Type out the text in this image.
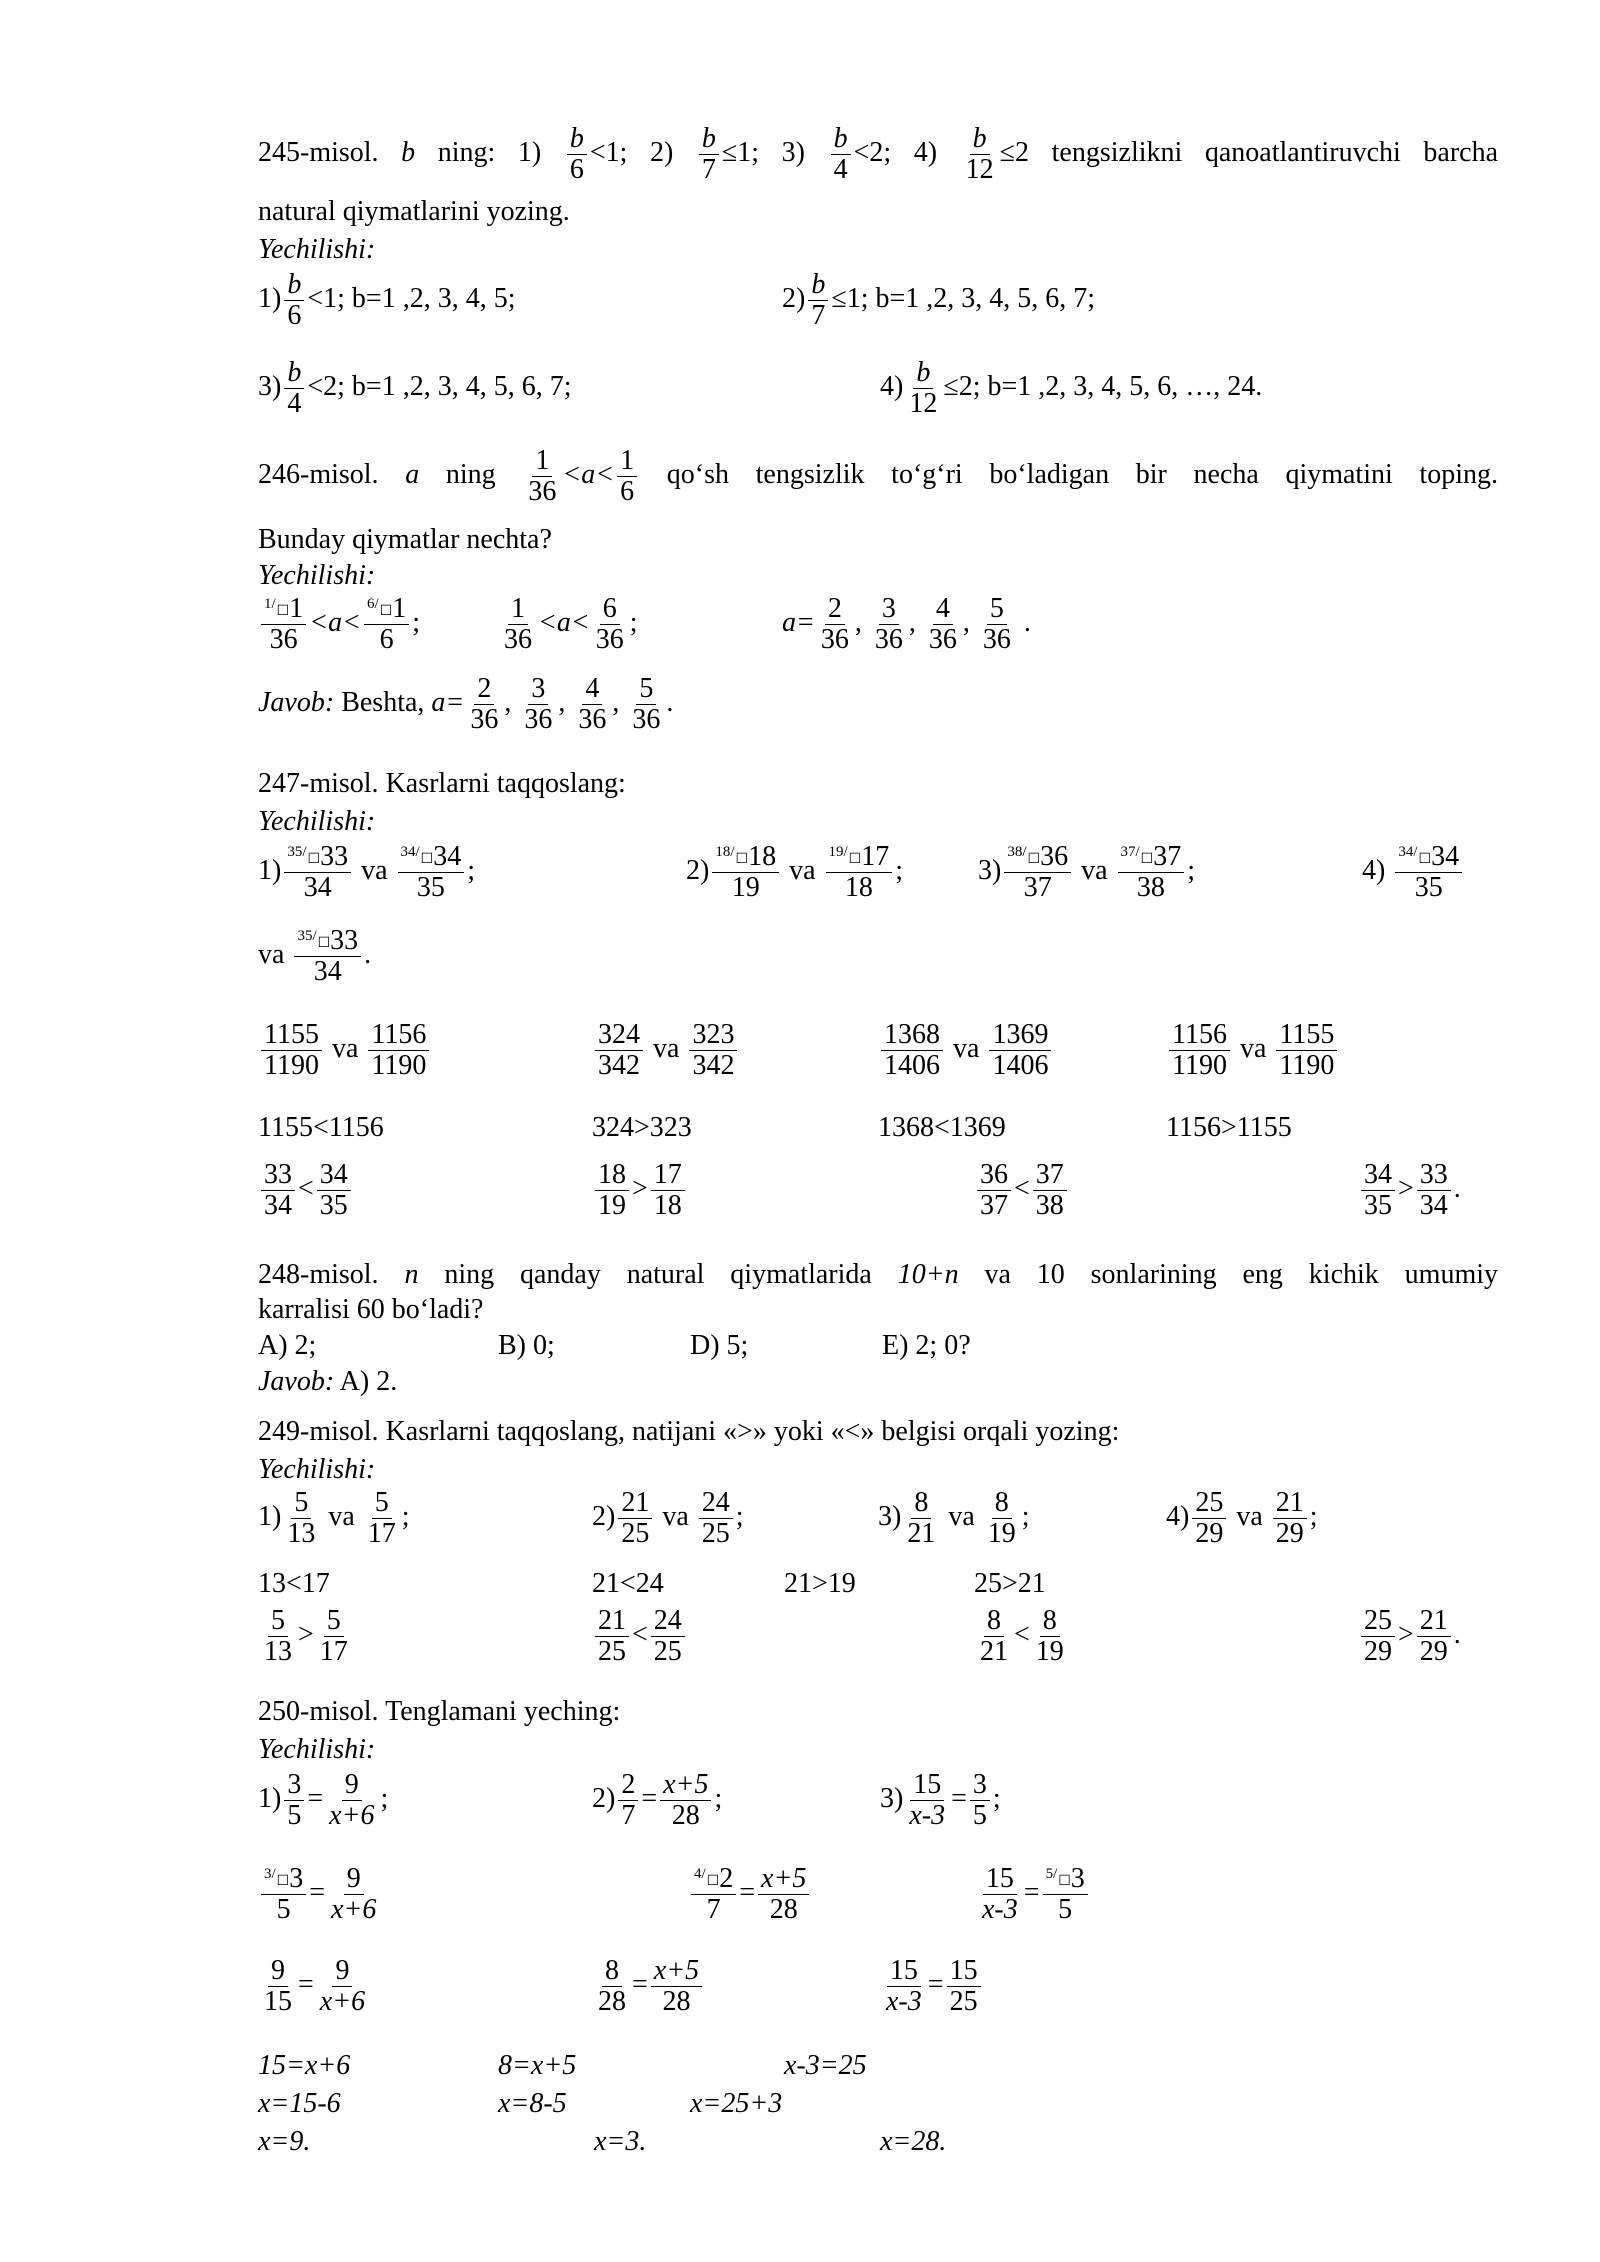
245-misol. b ning: $1) \frac{b}{6} <1$; $2) \frac{b}{7} \le 1$; $3) \frac{b}{4} <2$; $4) \frac{b}{12} \le 2$ tengsizlikni qanoatlantiruvchi barcha
natural qiymatlarini yozing.
Yechilishi:
$1) \frac{b}{6} <1$; b=1 ,2, 3, 4, 5;	$2) \frac{b}{7} \le 1$; b=1 ,2, 3, 4, 5, 6, 7;
$3) \frac{b}{4} <2$; b=1 ,2, 3, 4, 5, 6, 7;	$4) \frac{b}{12} \le 2$; b=1 ,2, 3, 4, 5, 6, …, 24.
246-misol. a ning $\frac{1}{36} <a< \frac{1}{6}$ qo‘sh tengsizlik to‘g‘ri bo‘ladigan bir necha qiymatini toping.
Bunday qiymatlar nechta?
Yechilishi:
$\frac{^{1/}☐1}{36} <a< \frac{^{6/}☐1}{6}$ ;	$\frac{1}{36} <a< \frac{6}{36}$ ;	$a= \frac{2}{36}$ , $\frac{3}{36}$ , $\frac{4}{36}$ , $\frac{5}{36}$ .
Javob: Beshta, $a= \frac{2}{36}$ , $\frac{3}{36}$ , $\frac{4}{36}$ , $\frac{5}{36}$ .
247-misol. Kasrlarni taqqoslang:
Yechilishi:
$1) \frac{^{35/}☐33}{34}$ va $\frac{^{34/}☐34}{35}$ ;	$2) \frac{^{18/}☐18}{19}$ va $\frac{^{19/}☐17}{18}$ ;	$3) \frac{^{38/}☐36}{37}$ va $\frac{^{37/}☐37}{38}$ ;	$4) \frac{^{34/}☐34}{35}$
va $\frac{^{35/}☐33}{34}$ .
$\frac{1155}{1190}$ va $\frac{1156}{1190}$	$\frac{324}{342}$ va $\frac{323}{342}$	$\frac{1368}{1406}$ va $\frac{1369}{1406}$	$\frac{1156}{1190}$ va $\frac{1155}{1190}$
1155<1156	324>323	1368<1369	1156>1155
$\frac{33}{34} < \frac{34}{35}$	$\frac{18}{19} > \frac{17}{18}$	$\frac{36}{37} < \frac{37}{38}$	$\frac{34}{35} > \frac{33}{34}$ .
248-misol. n ning qanday natural qiymatlarida 10+n va 10 sonlarining eng kichik umumiy
karralisi 60 bo‘ladi?
A) 2;	B) 0;	D) 5;	E) 2; 0?
Javob: A) 2.
249-misol. Kasrlarni taqqoslang, natijani «>» yoki «<» belgisi orqali yozing:
Yechilishi:
$1) \frac{5}{13}$ va $\frac{5}{17}$ ;	$2) \frac{21}{25}$ va $\frac{24}{25}$ ;	$3) \frac{8}{21}$ va $\frac{8}{19}$ ;	$4) \frac{25}{29}$ va $\frac{21}{29}$ ;
13<17	21<24	21>19	25>21
$\frac{5}{13} > \frac{5}{17}$	$\frac{21}{25} < \frac{24}{25}$	$\frac{8}{21} < \frac{8}{19}$	$\frac{25}{29} > \frac{21}{29}$ .
250-misol. Tenglamani yeching:
Yechilishi:
$1) \frac{3}{5} = \frac{9}{x+6}$ ;	$2) \frac{2}{7} = \frac{x+5}{28}$ ;	$3) \frac{15}{x-3} = \frac{3}{5}$ ;
$\frac{^{3/}☐3}{5} = \frac{9}{x+6}$	$\frac{^{4/}☐2}{7} = \frac{x+5}{28}$	$\frac{15}{x-3} = \frac{^{5/}☐3}{5}$
$\frac{9}{15} = \frac{9}{x+6}$	$\frac{8}{28} = \frac{x+5}{28}$	$\frac{15}{x-3} = \frac{15}{25}$
15=x+6	8=x+5	x-3=25
x=15-6	x=8-5	x=25+3
x=9.	x=3.	x=28.
